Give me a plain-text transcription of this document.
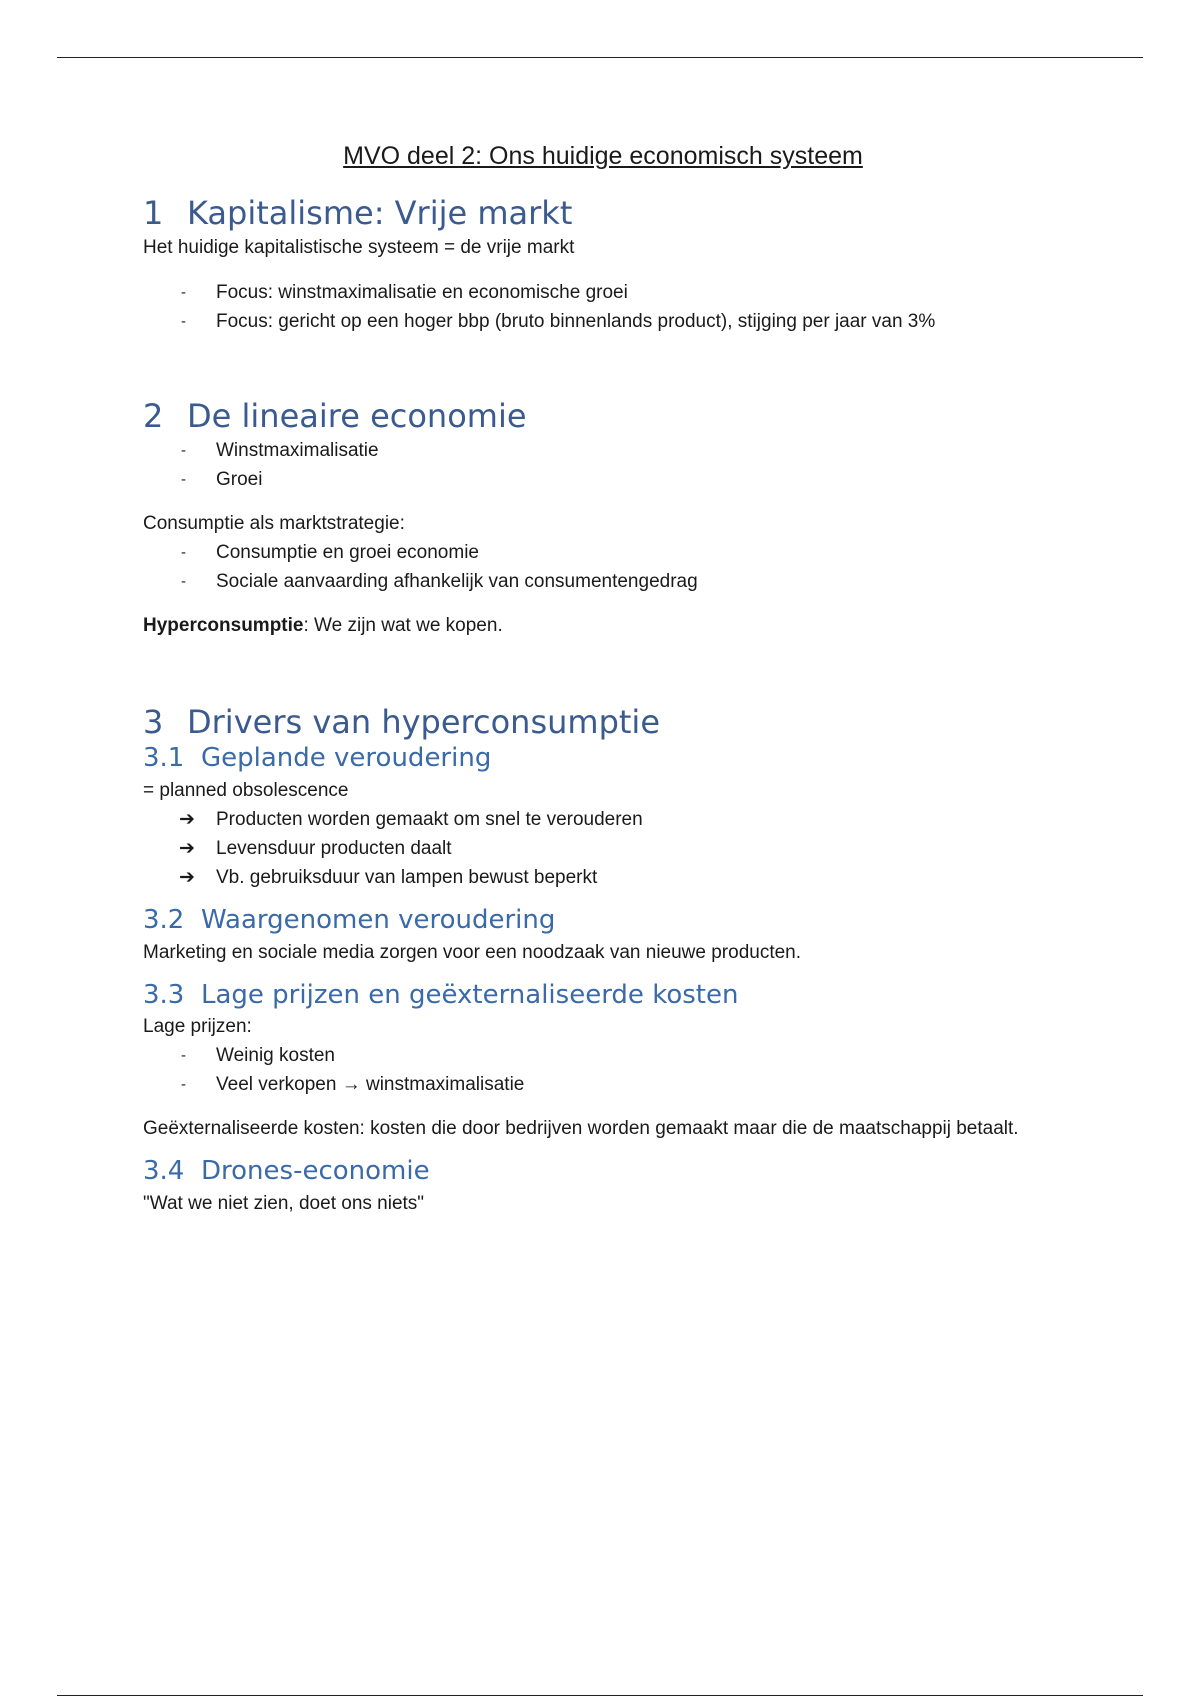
MVO deel 2: Ons huidige economisch systeem
1 Kapitalisme: Vrije markt

Het huidige kapitalistische systeem = de vrije markt

- Focus: winstmaximalisatie en economische groei
- Focus: gericht op een hoger bbp (bruto binnenlands product), stijging per jaar van 3%
2 De lineaire economie
- Winstmaximalisatie
- Groei

Consumptie als marktstrategie:

- Consumptie en groei economie
- Sociale aanvaarding afhankelijk van consumentengedrag

Hyperconsumptie: We zijn wat we kopen.

3 Drivers van hyperconsumptie
3.1 Geplande veroudering

= planned obsolescence

➔ Producten worden gemaakt om snel te verouderen
➔ Levensduur producten daalt
➔ Vb. gebruiksduur van lampen bewust beperkt
3.2 Waargenomen veroudering

Marketing en sociale media zorgen voor een noodzaak van nieuwe producten.

3.3 Lage prijzen en geëxternaliseerde kosten

Lage prijzen:

- Weinig kosten
- Veel verkopen → winstmaximalisatie

Geëxternaliseerde kosten: kosten die door bedrijven worden gemaakt maar die de maatschappij betaalt.

3.4 Drones-economie

"Wat we niet zien, doet ons niets"
